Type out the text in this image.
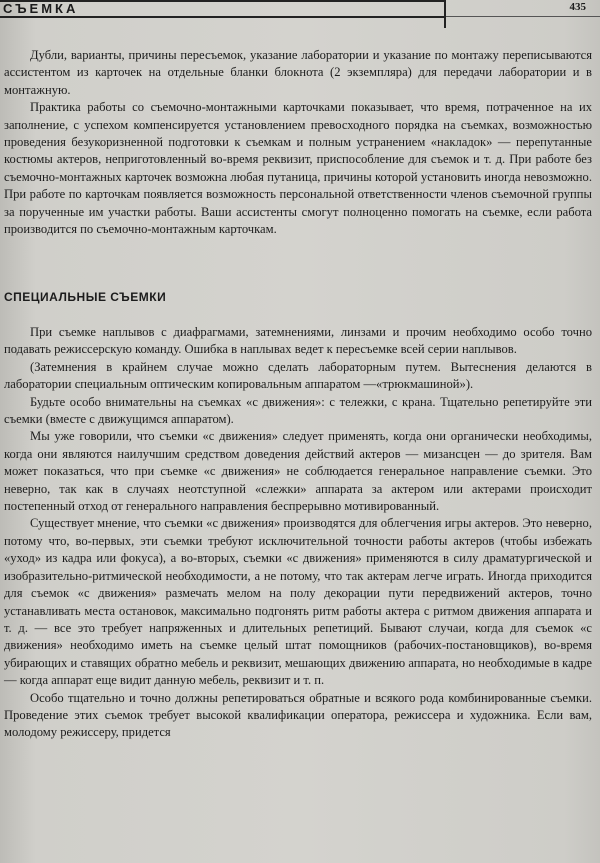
СЪЕМКА	435

Дубли, варианты, причины пересъемок, указание лаборатории и указание по монтажу переписываются ассистентом из карточек на отдельные бланки блокнота (2 экземпляра) для передачи лаборатории и в монтажную.

Практика работы со съемочно-монтажными карточками показывает, что время, потраченное на их заполнение, с успехом компенсируется установлением превосходного порядка на съемках, возможностью проведения безукоризненной подготовки к съемкам и полным устранением «накладок» — перепутанные костюмы актеров, неприготовленный во-время реквизит, приспособление для съемок и т. д. При работе без съемочно-монтажных карточек возможна любая путаница, причины которой установить иногда невозможно. При работе по карточкам появляется возможность персональной ответственности членов съемочной группы за порученные им участки работы. Ваши ассистенты смогут полноценно помогать на съемке, если работа производится по съемочно-монтажным карточкам.

СПЕЦИАЛЬНЫЕ СЪЕМКИ

При съемке наплывов с диафрагмами, затемнениями, линзами и прочим необходимо особо точно подавать режиссерскую команду. Ошибка в наплывах ведет к пересъемке всей серии наплывов.

(Затемнения в крайнем случае можно сделать лабораторным путем. Вытеснения делаются в лаборатории специальным оптическим копировальным аппаратом —«трюкмашиной»).

Будьте особо внимательны на съемках «с движения»: с тележки, с крана. Тщательно репетируйте эти съемки (вместе с движущимся аппаратом).

Мы уже говорили, что съемки «с движения» следует применять, когда они органически необходимы, когда они являются наилучшим средством доведения действий актеров — мизансцен — до зрителя. Вам может показаться, что при съемке «с движения» не соблюдается генеральное направление съемки. Это неверно, так как в случаях неотступной «слежки» аппарата за актером или актерами происходит постепенный отход от генерального направления беспрерывно мотивированный.

Существует мнение, что съемки «с движения» производятся для облегчения игры актеров. Это неверно, потому что, во-первых, эти съемки требуют исключительной точности работы актеров (чтобы избежать «уход» из кадра или фокуса), а во-вторых, съемки «с движения» применяются в силу драматургической и изобразительно-ритмической необходимости, а не потому, что так актерам легче играть. Иногда приходится для съемок «с движения» размечать мелом на полу декорации пути передвижений актеров, точно устанавливать места остановок, максимально подгонять ритм работы актера с ритмом движения аппарата и т. д. — все это требует напряженных и длительных репетиций. Бывают случаи, когда для съемок «с движения» необходимо иметь на съемке целый штат помощников (рабочих-постановщиков), во-время убирающих и ставящих обратно мебель и реквизит, мешающих движению аппарата, но необходимые в кадре — когда аппарат еще видит данную мебель, реквизит и т. п.

Особо тщательно и точно должны репетироваться обратные и всякого рода комбинированные съемки. Проведение этих съемок требует высокой квалификации оператора, режиссера и художника. Если вам, молодому режиссеру, придется
